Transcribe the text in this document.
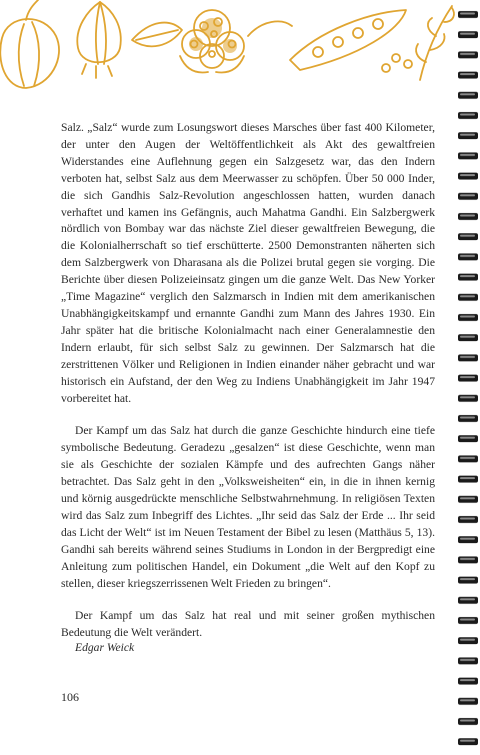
Salz. „Salz“ wurde zum Losungswort dieses Marsches über fast 400 Kilometer, der unter den Augen der Weltöffentlichkeit als Akt des gewaltfreien Widerstandes eine Auflehnung gegen ein Salzgesetz war, das den Indern verboten hat, selbst Salz aus dem Meerwasser zu schöpfen. Über 50 000 Inder, die sich Gandhis Salz-Revolution angeschlossen hatten, wurden danach verhaftet und kamen ins Gefängnis, auch Mahatma Gandhi. Ein Salzbergwerk nördlich von Bombay war das nächste Ziel dieser gewaltfreien Bewegung, die die Kolonialherrschaft so tief erschütterte. 2500 Demonstranten näherten sich dem Salzbergwerk von Dharasana als die Polizei brutal gegen sie vorging. Die Berichte über diesen Polizeieinsatz gingen um die ganze Welt. Das New Yorker „Time Magazine“ verglich den Salzmarsch in Indien mit dem amerikanischen Unabhängigkeitskampf und ernannte Gandhi zum Mann des Jahres 1930. Ein Jahr später hat die britische Kolonialmacht nach einer Generalamnestie den Indern erlaubt, für sich selbst Salz zu gewinnen. Der Salzmarsch hat die zerstrittenen Völker und Religionen in Indien einander näher gebracht und war historisch ein Aufstand, der den Weg zu Indiens Unabhängigkeit im Jahr 1947 vorbereitet hat.

Der Kampf um das Salz hat durch die ganze Geschichte hindurch eine tiefe symbolische Bedeutung. Geradezu „gesalzen“ ist diese Geschichte, wenn man sie als Geschichte der sozialen Kämpfe und des aufrechten Gangs näher betrachtet. Das Salz geht in den „Volksweisheiten“ ein, in die in ihnen kernig und körnig ausgedrückte menschliche Selbstwahrnehmung. In religiösen Texten wird das Salz zum Inbegriff des Lichtes. „Ihr seid das Salz der Erde ... Ihr seid das Licht der Welt“ ist im Neuen Testament der Bibel zu lesen (Matthäus 5, 13). Gandhi sah bereits während seines Studiums in London in der Bergpredigt eine Anleitung zum politischen Handel, ein Dokument „die Welt auf den Kopf zu stellen, dieser kriegszerrissenen Welt Frieden zu bringen“.

Der Kampf um das Salz hat real und mit seiner großen mythischen Bedeutung die Welt verändert.

Edgar Weick
106
